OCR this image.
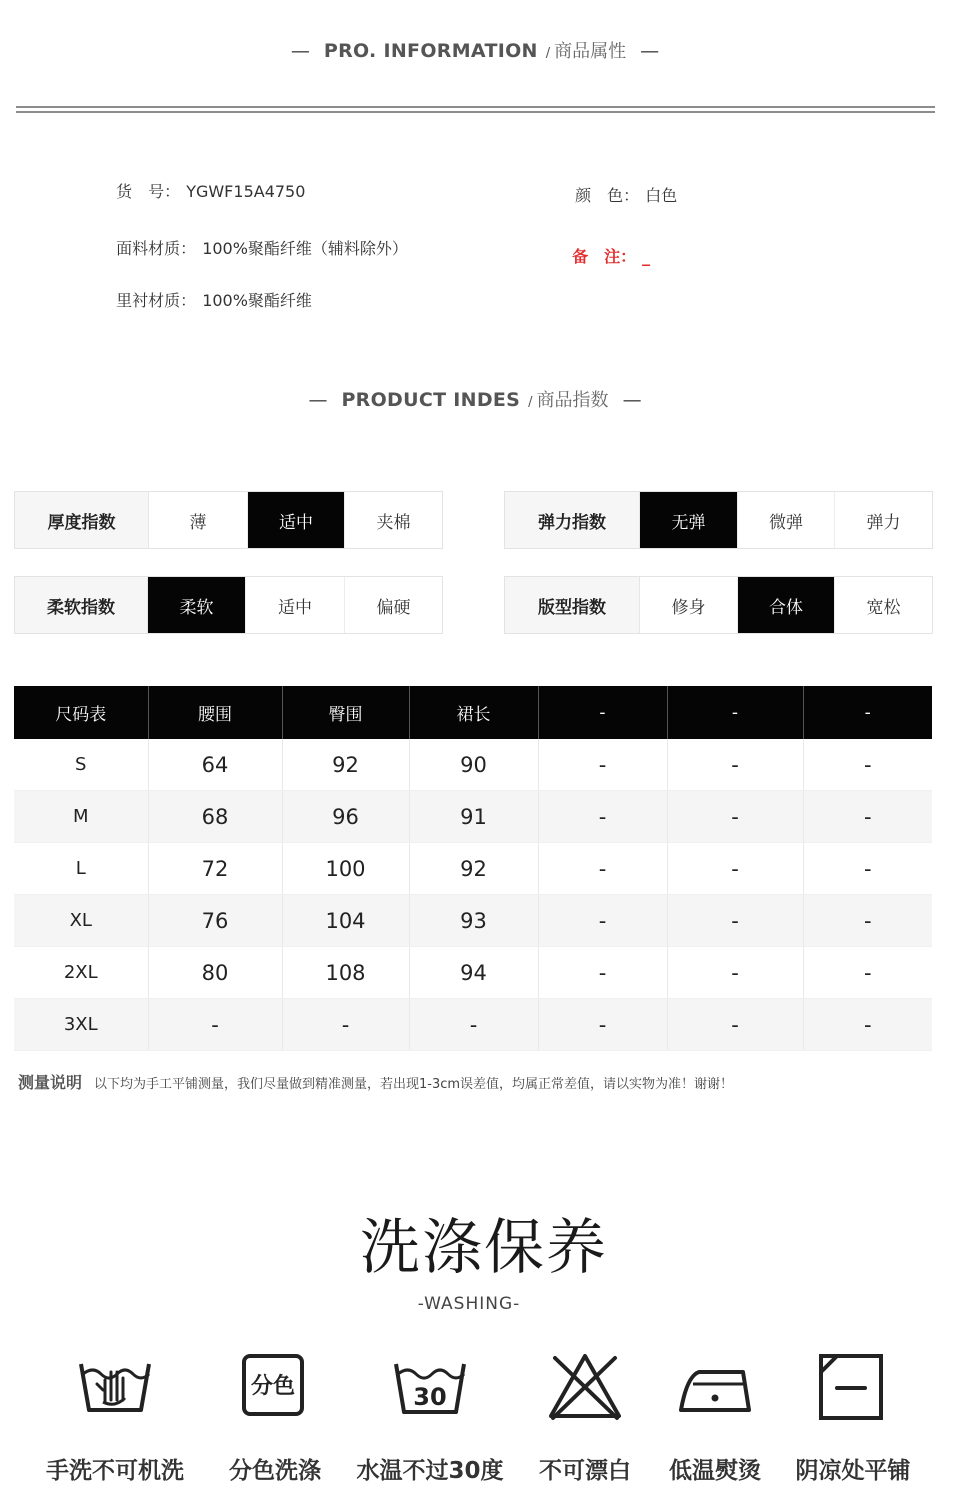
— PRO. INFORMATION / 商品属性 —

货　号： YGWF15A4750	颜　色： 白色

面料材质： 100%聚酯纤维（辅料除外）	备　注： _

里衬材质： 100%聚酯纤维

— PRODUCT INDES / 商品指数 —
厚度指数	薄	适中	夹棉	弹力指数	无弹	微弹	弹力
柔软指数	柔软	适中	偏硬	版型指数	修身	合体	宽松
尺码表	腰围	臀围	裙长	-	-	-
S	64	92	90	-	-	-
M	68	96	91	-	-	-
L	72	100	92	-	-	-
XL	76	104	93	-	-	-
2XL	80	108	94	-	-	-
3XL	-	-	-	-	-	-
测量说明 以下均为手工平铺测量，我们尽量做到精准测量，若出现1-3cm误差值，均属正常差值，请以实物为准！谢谢！
洗涤保养
-WASHING-
手洗不可机洗
分色
分色洗涤
30
水温不过30度	不可漂白	低温熨烫	阴凉处平铺
